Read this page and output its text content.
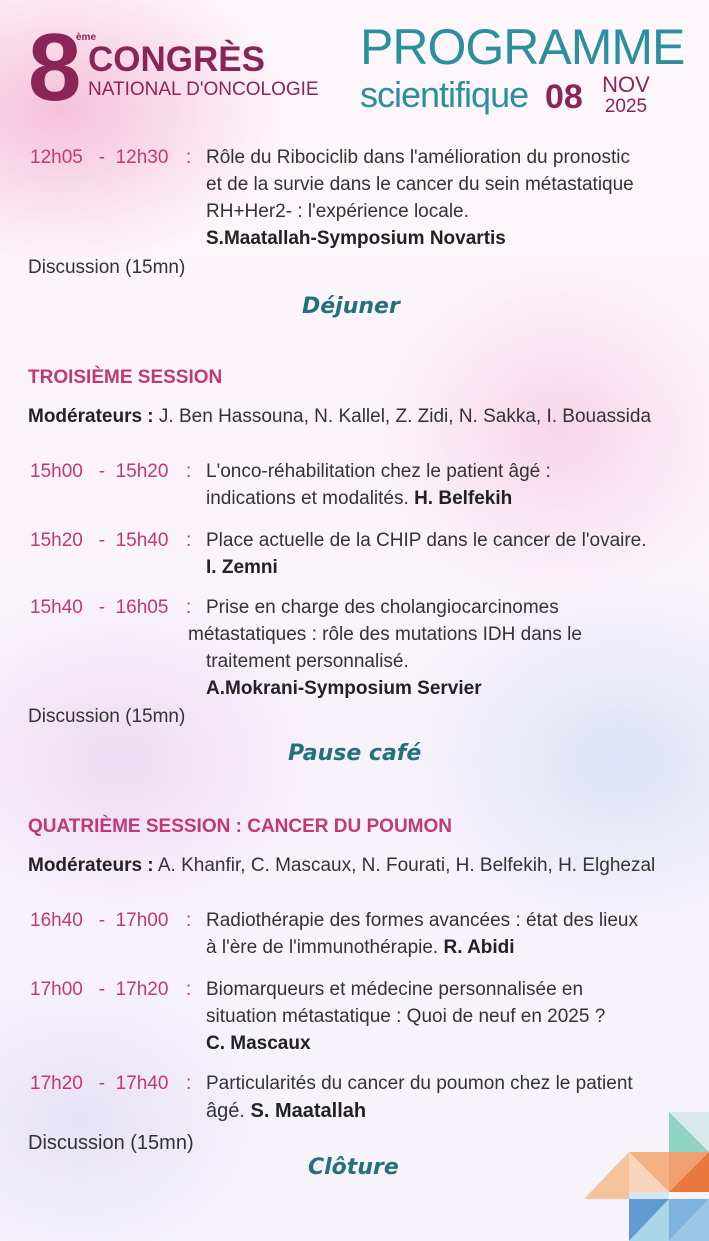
8
ème
CONGRÈS
NATIONAL D'ONCOLOGIE
PROGRAMME
scientifique 08 NOV
2025
12h05 - 12h30 : Rôle du Ribociclib dans l'amélioration du pronostic
et de la survie dans le cancer du sein métastatique
RH+Her2- : l'expérience locale.
S.Maatallah-Symposium Novartis
Discussion (15mn)
Déjuner
TROISIÈME SESSION
Modérateurs : J. Ben Hassouna, N. Kallel, Z. Zidi, N. Sakka, I. Bouassida
15h00 - 15h20 : L'onco-réhabilitation chez le patient âgé :
indications et modalités. H. Belfekih
15h20 - 15h40 : Place actuelle de la CHIP dans le cancer de l'ovaire.
I. Zemni
15h40 - 16h05 : Prise en charge des cholangiocarcinomes
métastatiques : rôle des mutations IDH dans le
traitement personnalisé.
A.Mokrani-Symposium Servier
Discussion (15mn)
Pause café
QUATRIÈME SESSION : CANCER DU POUMON
Modérateurs : A. Khanfir, C. Mascaux, N. Fourati, H. Belfekih, H. Elghezal
16h40 - 17h00 : Radiothérapie des formes avancées : état des lieux
à l'ère de l'immunothérapie. R. Abidi
17h00 - 17h20 : Biomarqueurs et médecine personnalisée en
situation métastatique : Quoi de neuf en 2025 ?
C. Mascaux
17h20 - 17h40 : Particularités du cancer du poumon chez le patient
âgé. S. Maatallah
Discussion (15mn)
Clôture
